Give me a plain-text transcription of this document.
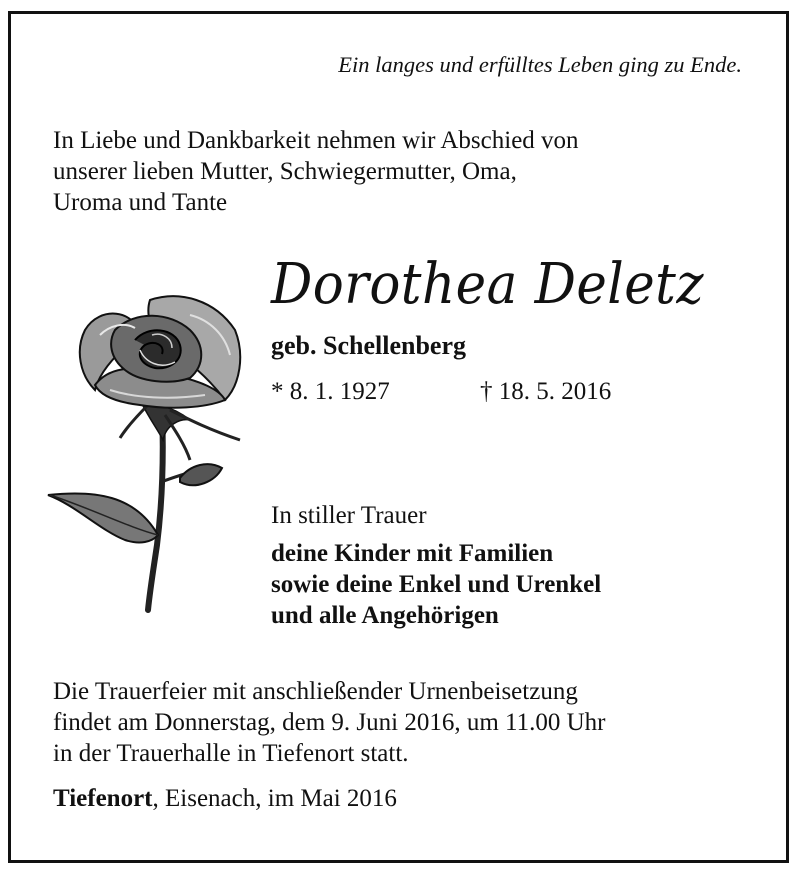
Ein langes und erfülltes Leben ging zu Ende.
In Liebe und Dankbarkeit nehmen wir Abschied von
unserer lieben Mutter, Schwiegermutter, Oma,
Uroma und Tante
Dorothea Deletz
geb. Schellenberg
* 8. 1. 1927	† 18. 5. 2016
In stiller Trauer
deine Kinder mit Familien
sowie deine Enkel und Urenkel
und alle Angehörigen
Die Trauerfeier mit anschließender Urnenbeisetzung
findet am Donnerstag, dem 9. Juni 2016, um 11.00 Uhr
in der Trauerhalle in Tiefenort statt.
Tiefenort, Eisenach, im Mai 2016
